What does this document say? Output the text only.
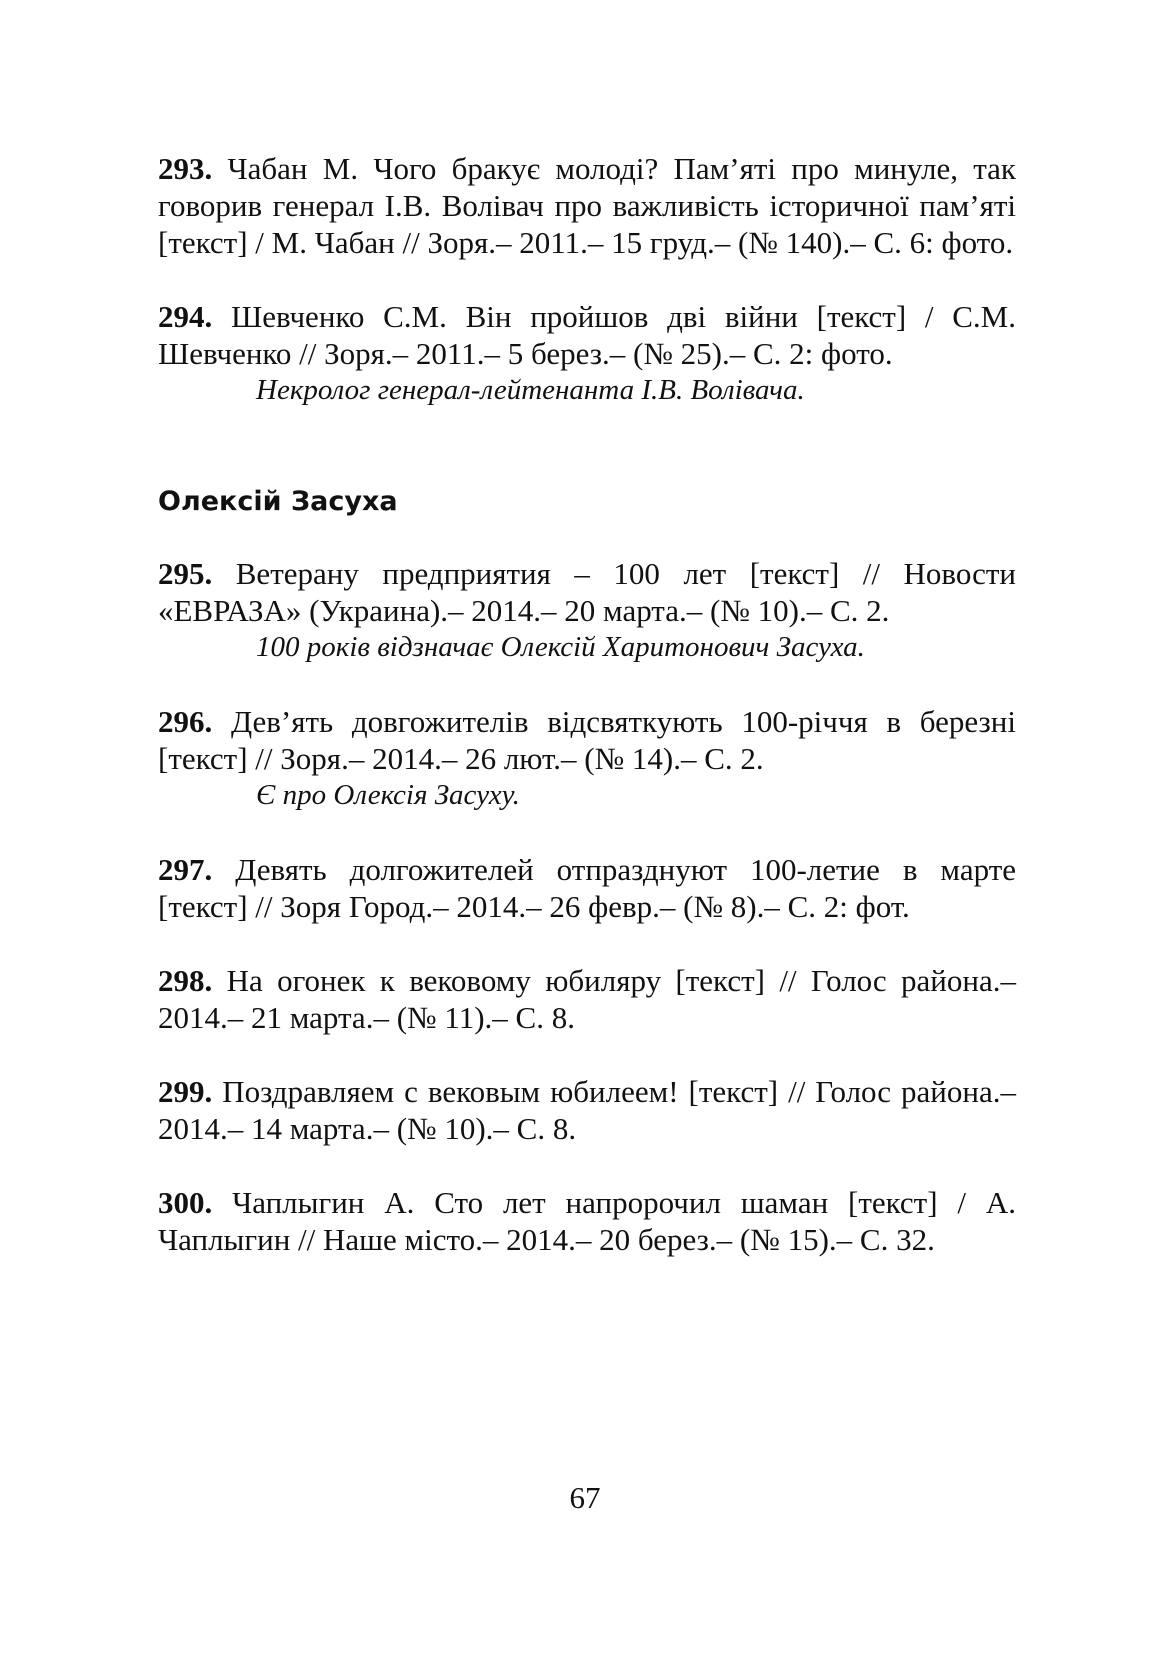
293. Чабан М. Чого бракує молоді? Пам’яті про минуле, так говорив генерал І.В. Волівач про важливість історичної пам’яті [текст] / М. Чабан // Зоря.– 2011.– 15 груд.– (№ 140).– С. 6: фото.

294. Шевченко С.М. Він пройшов дві війни [текст] / С.М. Шевченко // Зоря.– 2011.– 5 берез.– (№ 25).– С. 2: фото.

Некролог генерал-лейтенанта І.В. Волівача.

Олексій Засуха

295. Ветерану предприятия – 100 лет [текст] // Новости «ЕВРАЗА» (Украина).– 2014.– 20 марта.– (№ 10).– С. 2.

100 років відзначає Олексій Харитонович Засуха.

296. Дев’ять довгожителів відсвяткують 100-річчя в березні [текст] // Зоря.– 2014.– 26 лют.– (№ 14).– С. 2.

Є про Олексія Засуху.

297. Девять долгожителей отпразднуют 100-летие в марте [текст] // Зоря Город.– 2014.– 26 февр.– (№ 8).– С. 2: фот.

298. На огонек к вековому юбиляру [текст] // Голос района.– 2014.– 21 марта.– (№ 11).– С. 8.

299. Поздравляем с вековым юбилеем! [текст] // Голос района.– 2014.– 14 марта.– (№ 10).– С. 8.

300. Чаплыгин А. Сто лет напророчил шаман [текст] / А. Чаплыгин // Наше місто.– 2014.– 20 берез.– (№ 15).– С. 32.

67
